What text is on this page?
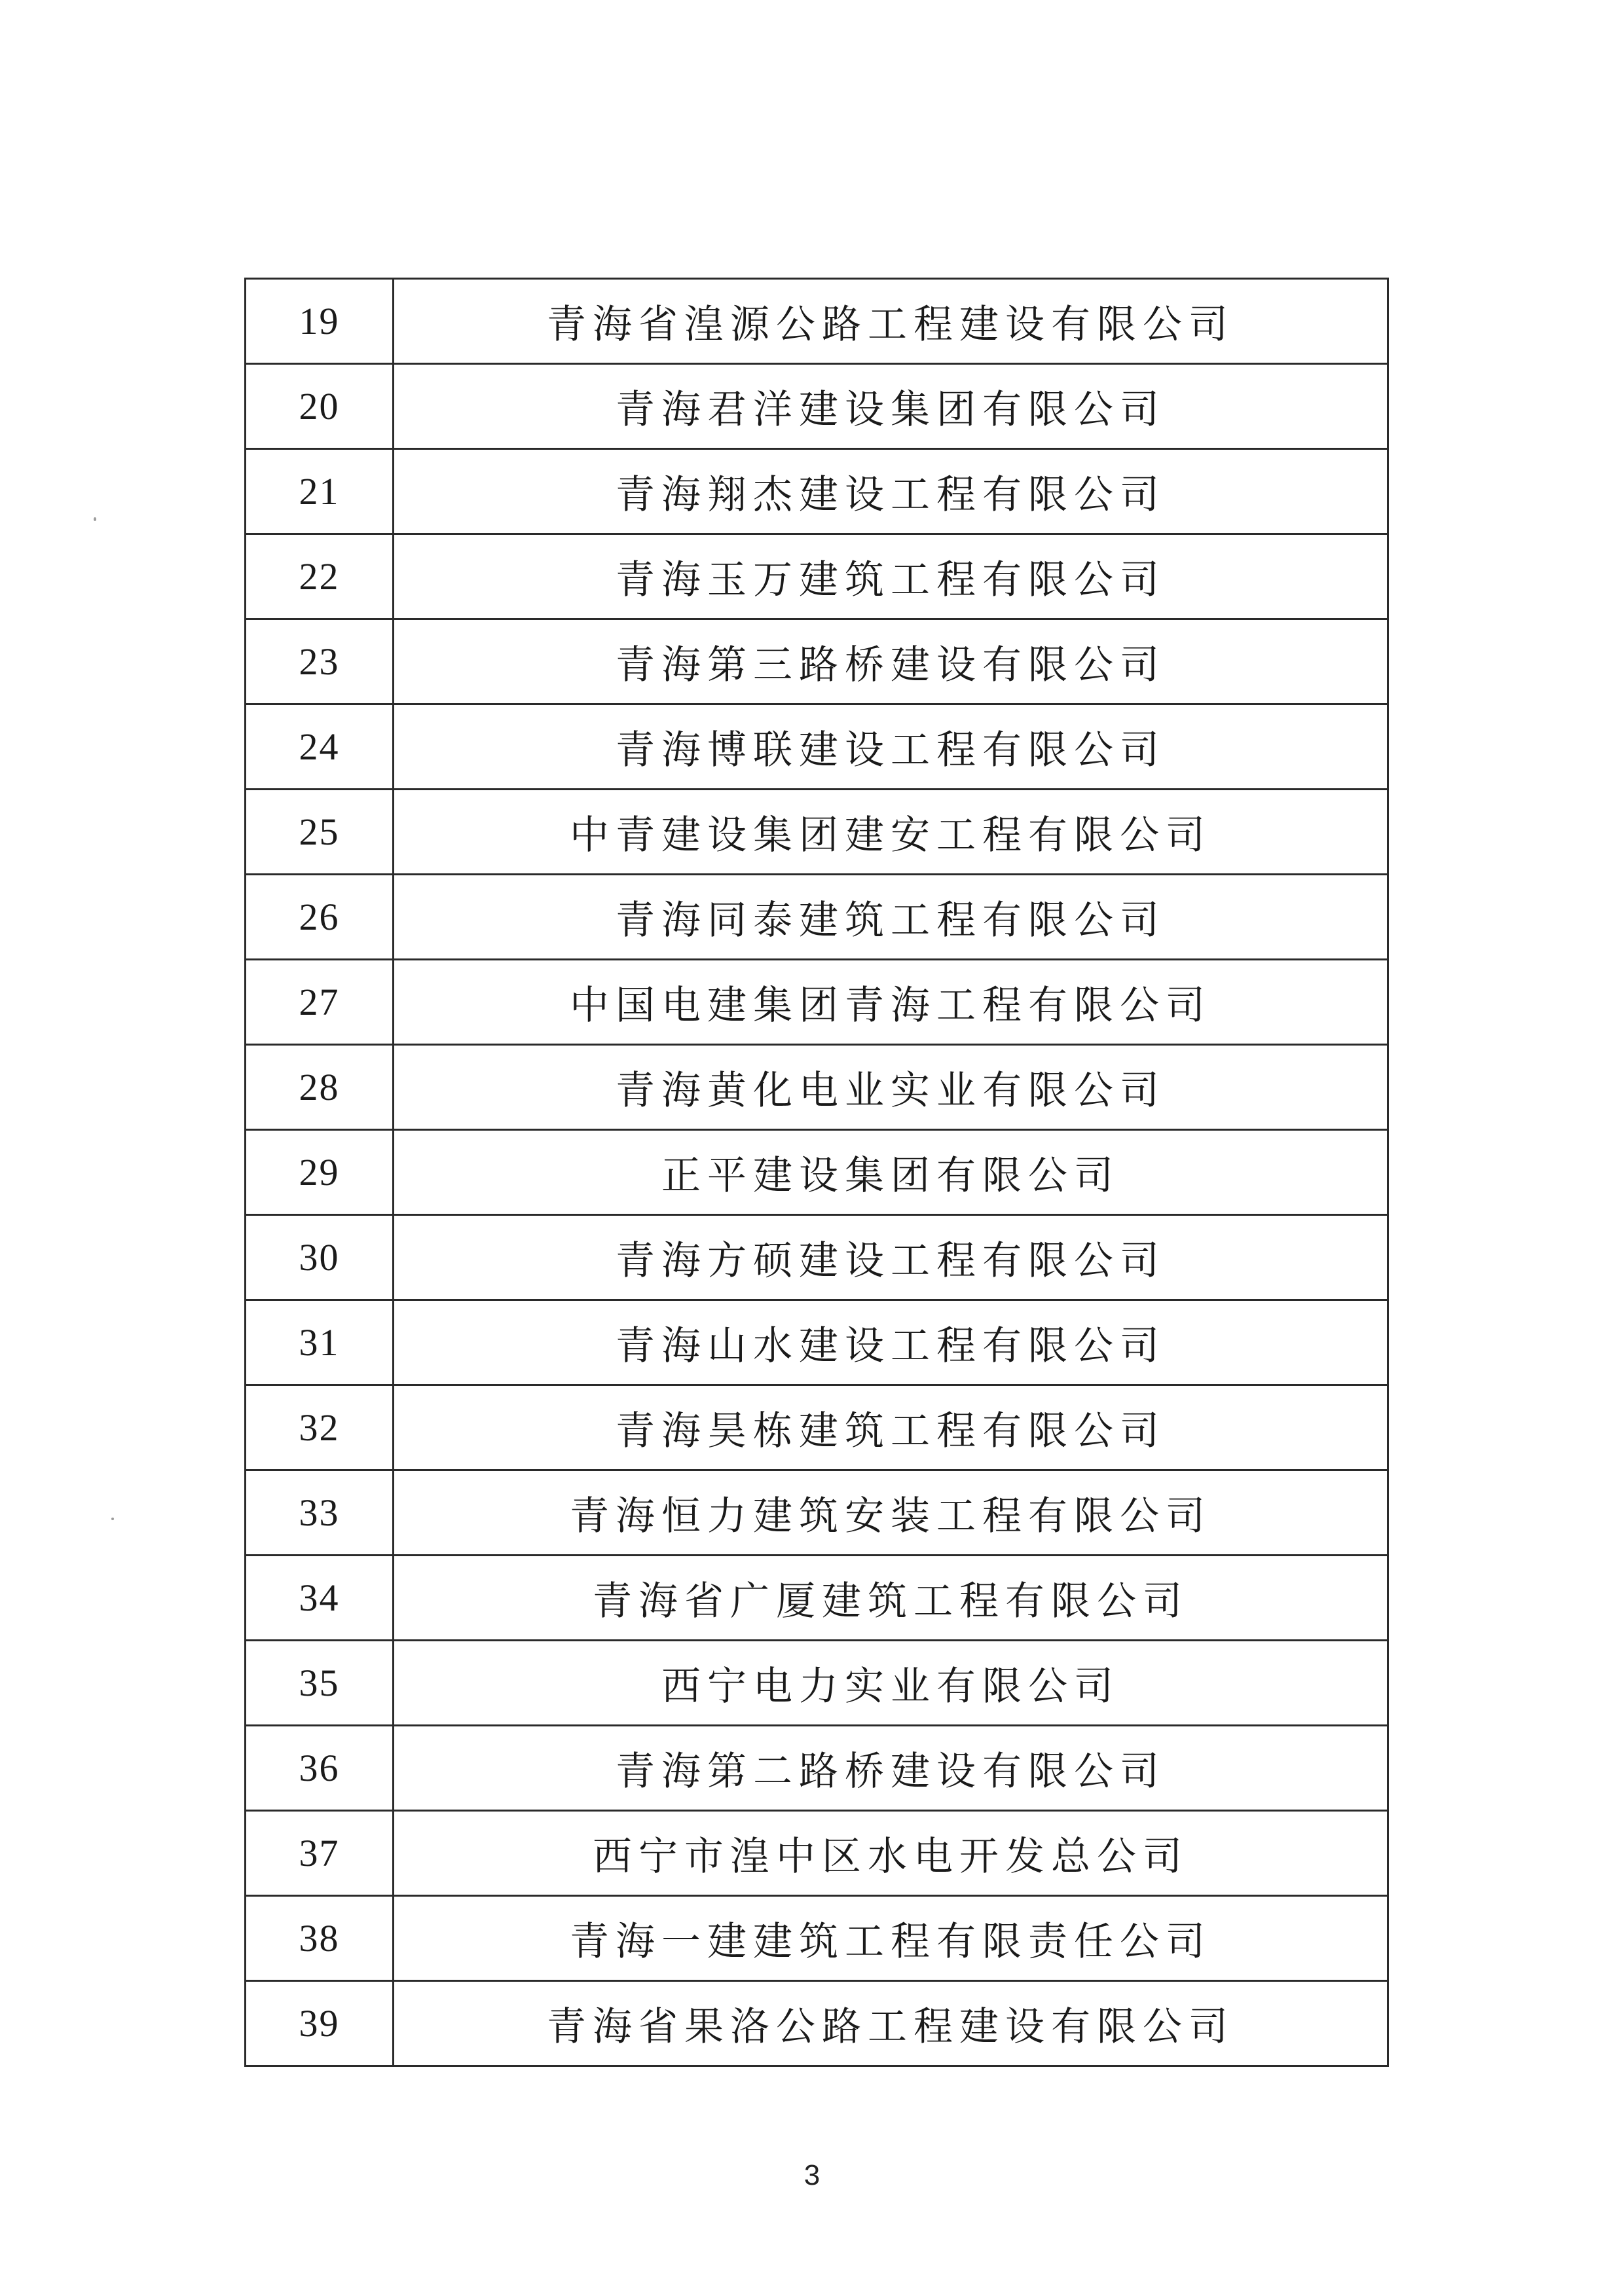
19	青海省湟源公路工程建设有限公司
20	青海君洋建设集团有限公司
21	青海翔杰建设工程有限公司
22	青海玉万建筑工程有限公司
23	青海第三路桥建设有限公司
24	青海博联建设工程有限公司
25	中青建设集团建安工程有限公司
26	青海同泰建筑工程有限公司
27	中国电建集团青海工程有限公司
28	青海黄化电业实业有限公司
29	正平建设集团有限公司
30	青海方硕建设工程有限公司
31	青海山水建设工程有限公司
32	青海昊栋建筑工程有限公司
33	青海恒力建筑安装工程有限公司
34	青海省广厦建筑工程有限公司
35	西宁电力实业有限公司
36	青海第二路桥建设有限公司
37	西宁市湟中区水电开发总公司
38	青海一建建筑工程有限责任公司
39	青海省果洛公路工程建设有限公司
3
